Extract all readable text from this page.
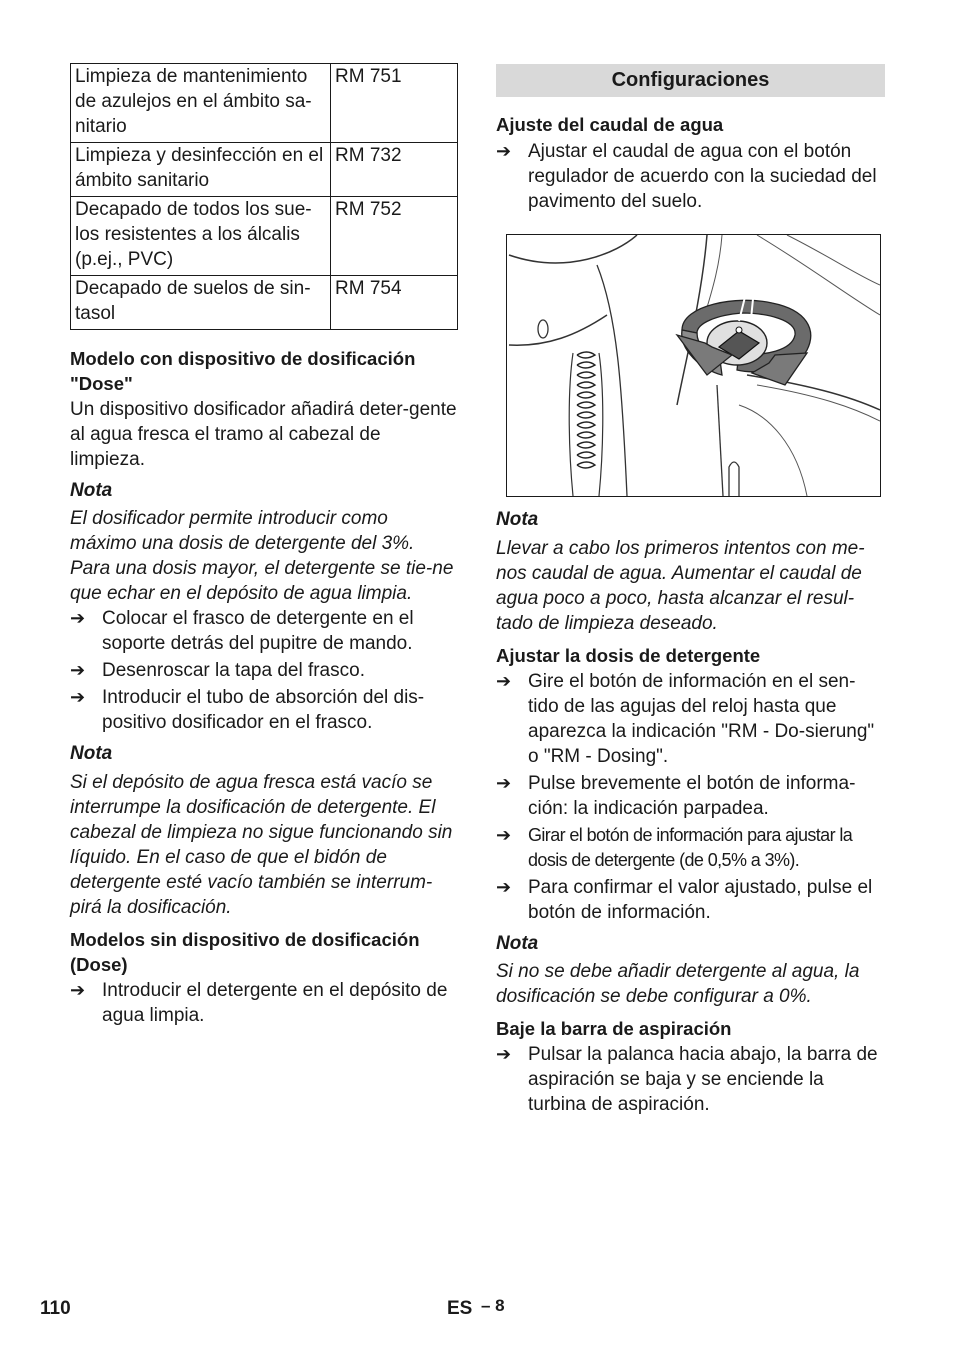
Limpieza de mantenimiento de azulejos en el ámbito sa-nitario	RM 751
Limpieza y desinfección en el ámbito sanitario	RM 732
Decapado de todos los sue-los resistentes a los álcalis (p.ej., PVC)	RM 752
Decapado de suelos de sin-tasol	RM 754
Modelo con dispositivo de dosificación "Dose"
Un dispositivo dosificador añadirá deter-gente al agua fresca el tramo al cabezal de limpieza.
Nota
El dosificador permite introducir como máximo una dosis de detergente del 3%. Para una dosis mayor, el detergente se tie-ne que echar en el depósito de agua limpia.
➔ Colocar el frasco de detergente en el soporte detrás del pupitre de mando.
➔ Desenroscar la tapa del frasco.
➔ Introducir el tubo de absorción del dis-positivo dosificador en el frasco.
Nota
Si el depósito de agua fresca está vacío se interrumpe la dosificación de detergente. El cabezal de limpieza no sigue funcionando sin líquido. En el caso de que el bidón de detergente esté vacío también se interrum-pirá la dosificación.
Modelos sin dispositivo de dosificación (Dose)
➔ Introducir el detergente en el depósito de agua limpia.
Configuraciones
Ajuste del caudal de agua
➔ Ajustar el caudal de agua con el botón regulador de acuerdo con la suciedad del pavimento del suelo.
Nota
Llevar a cabo los primeros intentos con me-nos caudal de agua. Aumentar el caudal de agua poco a poco, hasta alcanzar el resul-tado de limpieza deseado.
Ajustar la dosis de detergente
➔ Gire el botón de información en el sen-tido de las agujas del reloj hasta que aparezca la indicación "RM - Do-sierung" o "RM - Dosing".
➔ Pulse brevemente el botón de informa-ción: la indicación parpadea.
➔ Girar el botón de información para ajustar la dosis de detergente (de 0,5% a 3%).
➔ Para confirmar el valor ajustado, pulse el botón de información.
Nota
Si no se debe añadir detergente al agua, la dosificación se debe configurar a 0%.
Baje la barra de aspiración
➔ Pulsar la palanca hacia abajo, la barra de aspiración se baja y se enciende la turbina de aspiración.
110	ES – 8
